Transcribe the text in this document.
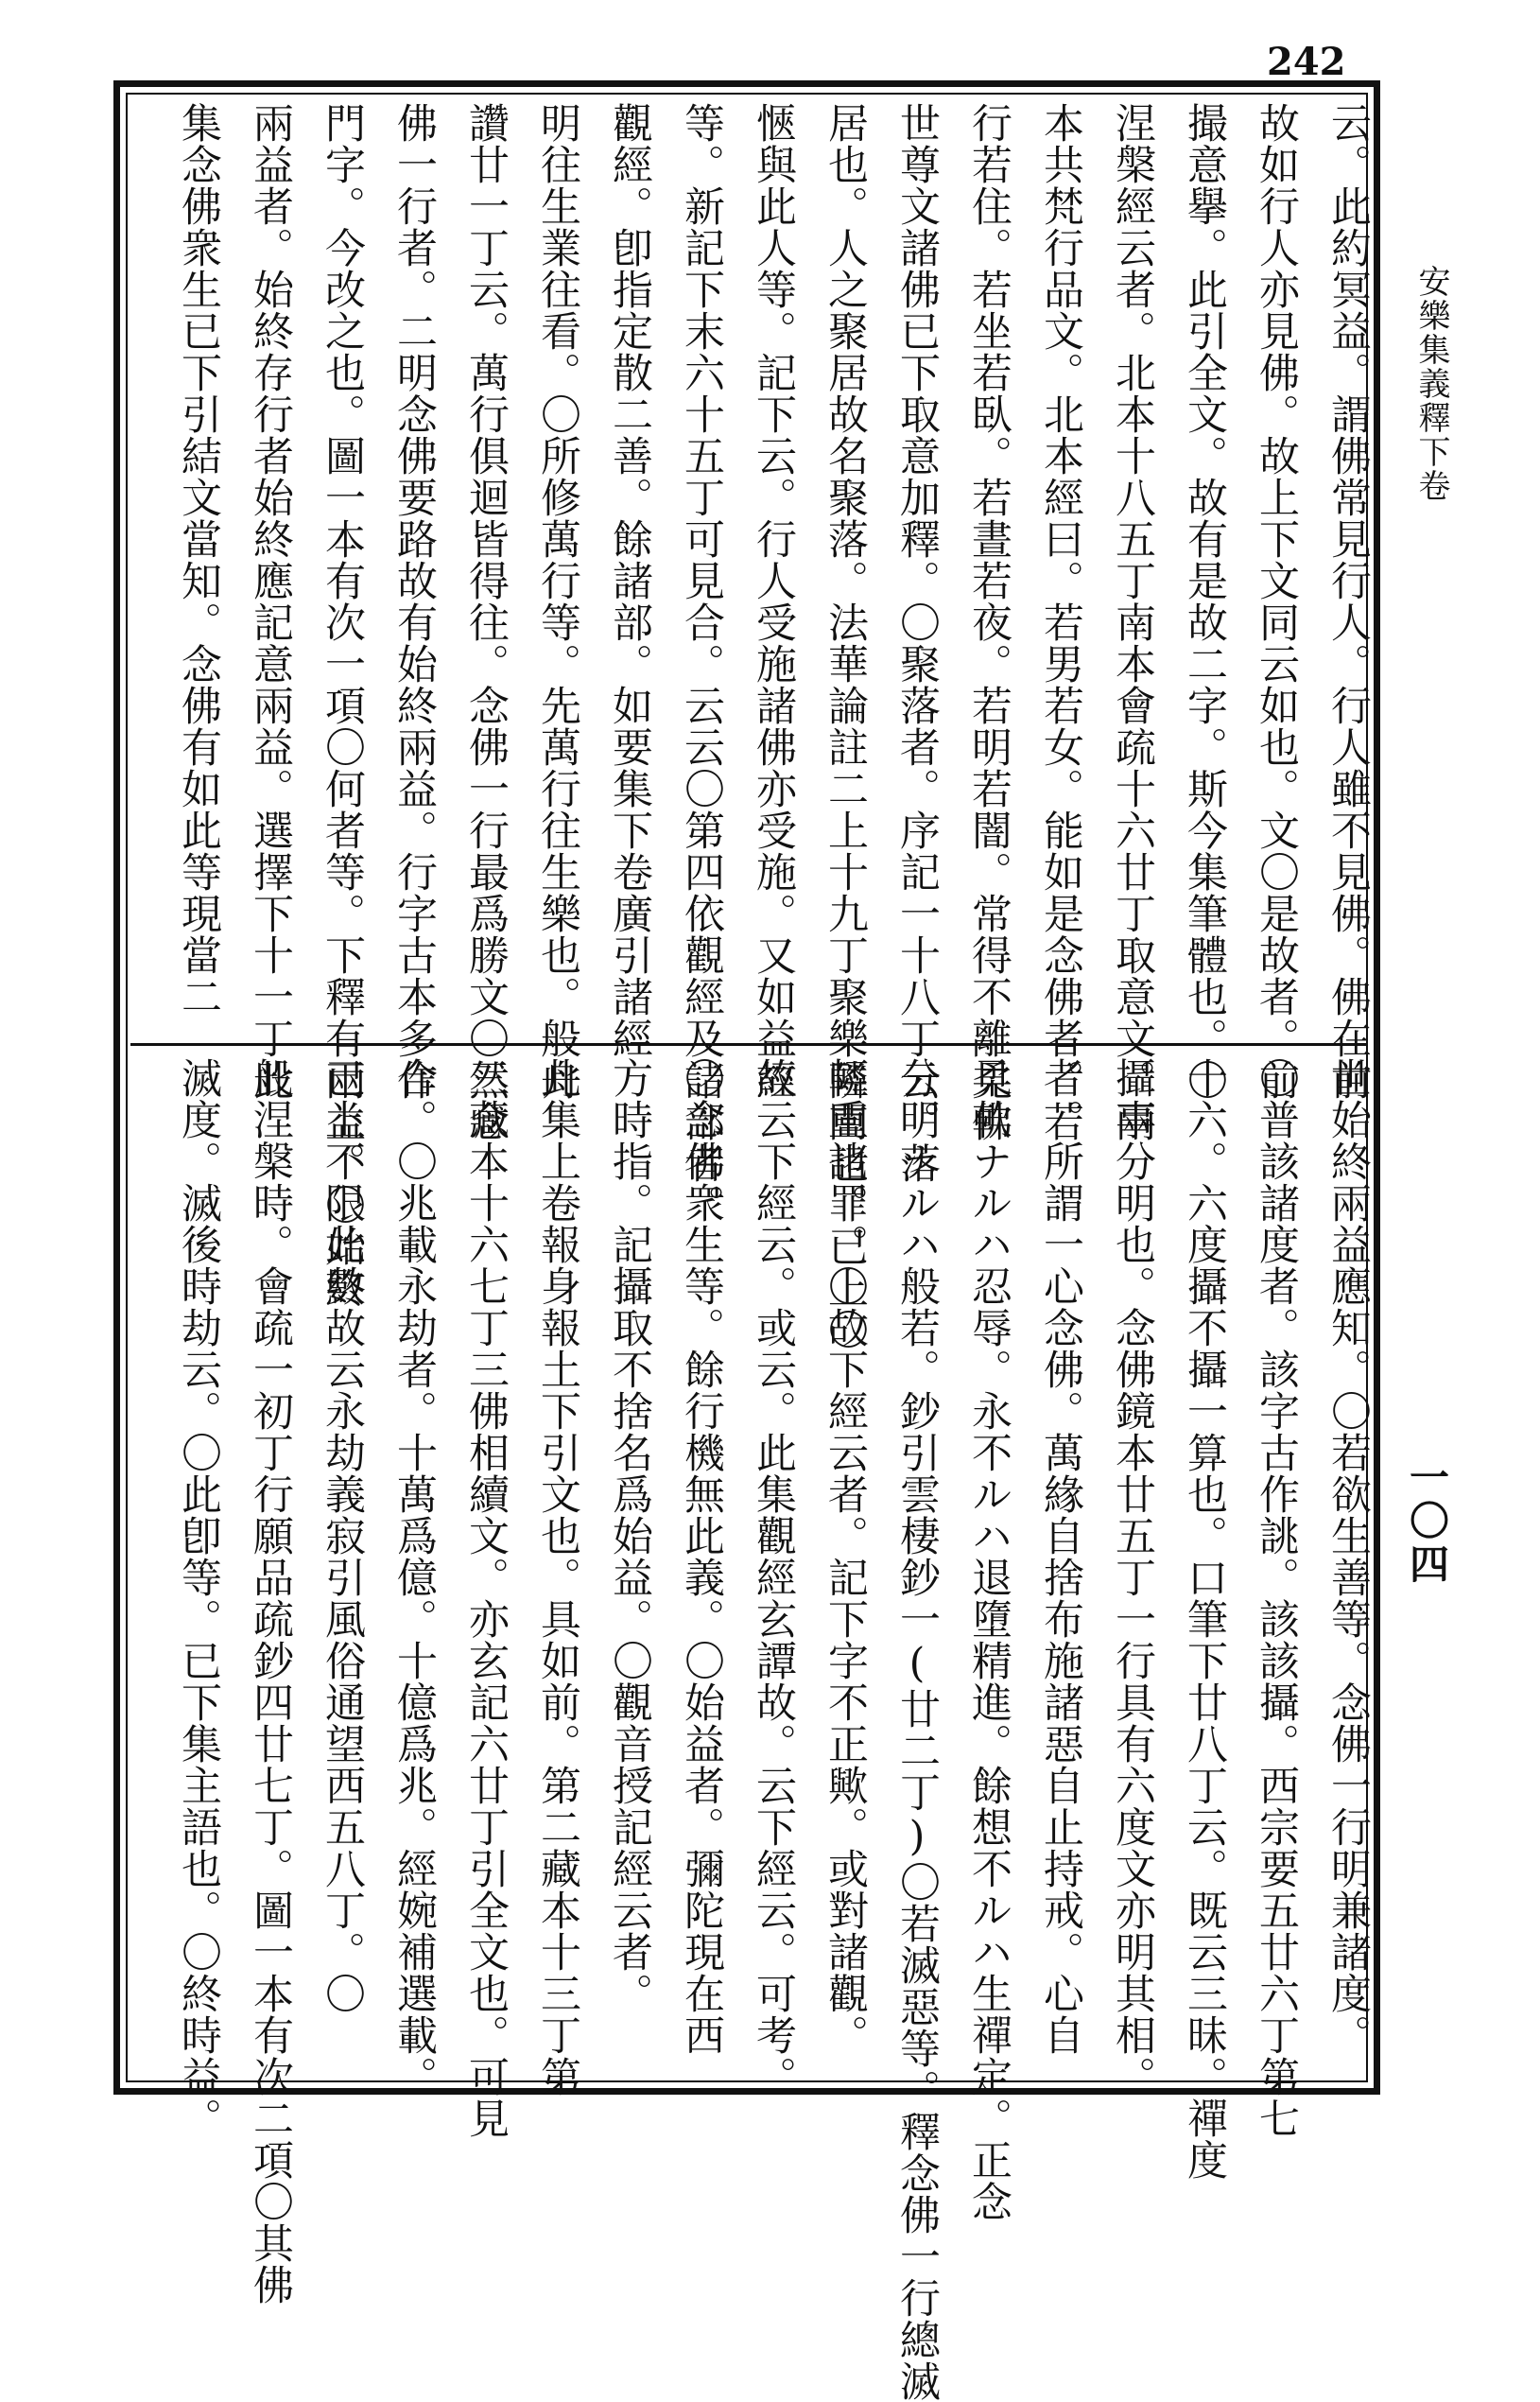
242
安樂集義釋下卷
一〇四
云。此約冥益。謂佛常見行人。行人雖不見佛。佛在前
故如行人亦見佛。故上下文同云如也。文〇是故者。前
撮意擧。此引全文。故有是故二字。斯今集筆體也。〇
涅槃經云者。北本十八五丁南本會疏十六廿丁取意文。兩
本共梵行品文。北本經曰。若男若女。能如是念佛者。若
行若住。若坐若臥。若晝若夜。若明若闇。常得不離見佛
世尊文諸佛已下取意加釋。〇聚落者。序記一十八丁云。落
居也。人之聚居故名聚落。法華論註二上十九丁聚樂隣閭也。已上〇
愜與此人等。記下云。行人受施諸佛亦受施。又如益經
等。新記下末六十五丁可見合。云云〇第四依觀經及諸部者。
觀經。卽指定散二善。餘諸部。如要集下卷廣引諸經
明往生業往看。〇所修萬行等。先萬行往生樂也。般舟
讚廿一丁云。萬行俱迴皆得往。念佛一行最爲勝文〇然念
佛一行者。二明念佛要路故有始終兩益。行字古本多作
門字。今改之也。圖一本有次一項〇何者等。下釋有兩益。〇始終
兩益者。始終存行者始終應記意兩益。選擇下十一丁此
集念佛衆生已下引結文當知。念佛有如此等現當二
世始終兩益應知。〇若欲生善等。念佛一行明兼諸度。
〇普該諸度者。該字古作誂。該該攝。西宗要五廿六丁第七
十六。六度攝不攝一算也。口筆下廿八丁云。既云三昧。禪度
攝事分明也。念佛鏡本廿五丁一行具有六度文亦明其相。
者。所謂一心念佛。萬緣自捨布施諸惡自止持戒。心自
柔軟ナルハ忍辱。永不ルハ退墮精進。餘想不ルハ生禪定。正念
分明ナルハ般若。鈔引雲棲鈔一(廿二丁)〇若滅惡等。釋念佛一行總滅
輕重諸罪。〇故下經云者。記下字不正歟。或對諸觀。
故云下經云。或云。此集觀經玄譚故。云下經云。可考。
〇念佛衆生等。餘行機無此義。〇始益者。彌陀現在西
方時指。記攝取不捨名爲始益。〇觀音授記經云者。
此集上卷報身報土下引文也。具如前。第二藏本十三丁第
三藏本十六七丁三佛相續文。亦玄記六廿丁引全文也。可見
合。〇兆載永劫者。十萬爲億。十億爲兆。經婉補選載。
已上不限此數故云永劫義寂引風俗通望西五八丁。〇
般涅槃時。會疏一初丁行願品疏鈔四廿七丁。圖一本有次二項〇其佛
滅度。滅後時劫云。〇此卽等。已下集主語也。〇終時益。
